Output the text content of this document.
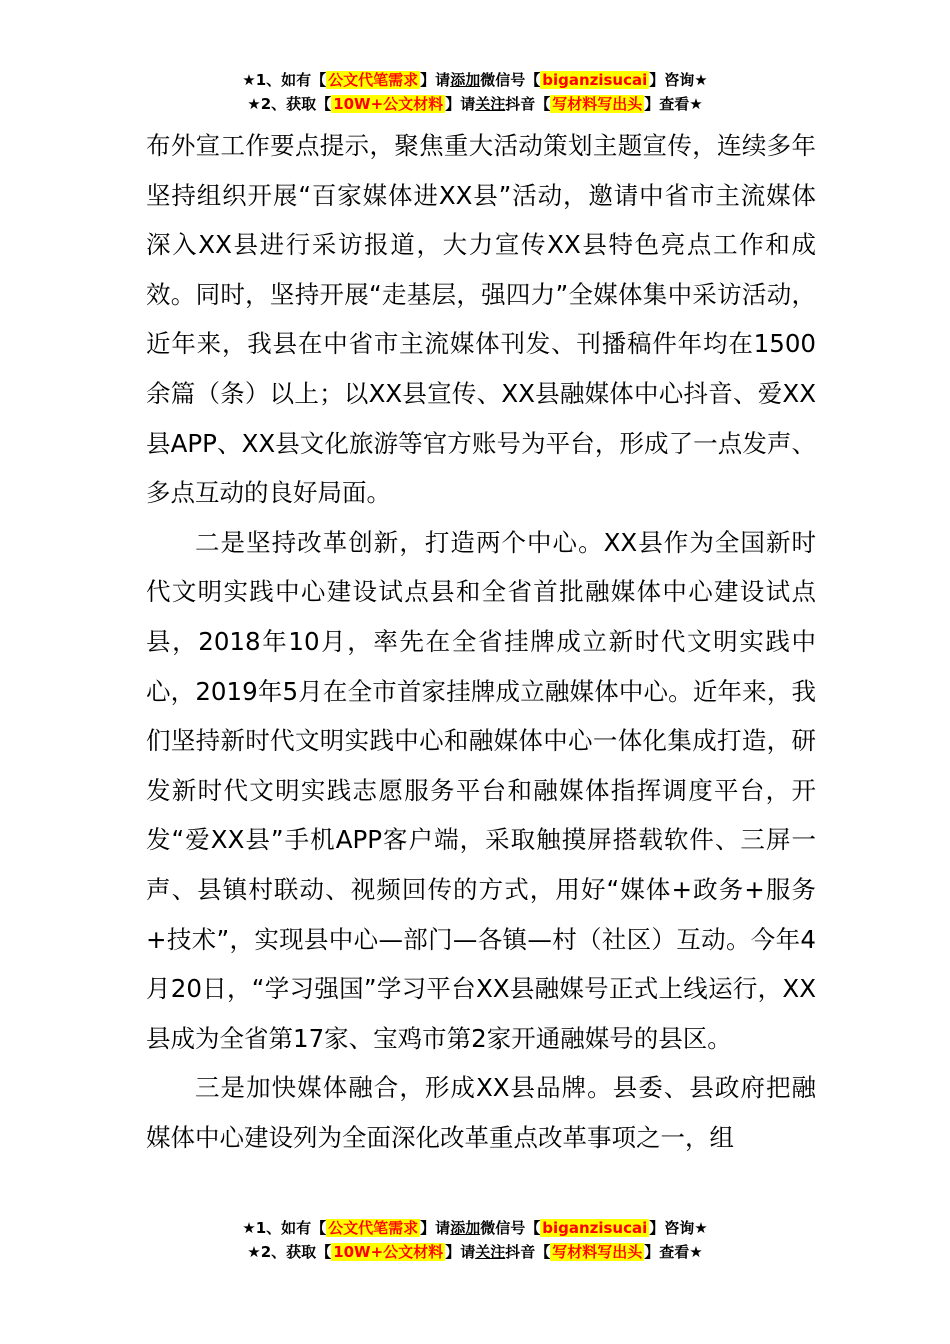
★1、如有【 公文代笔需求 】请添加微信号【 biganzisucai 】咨询★
★2、获取【 10W+公文材料 】请关注抖音【 写材料写出头 】查看★

布外宣工作要点提示，聚焦重大活动策划主题宣传，连续多年坚持组织开展“百家媒体进XX县”活动，邀请中省市主流媒体深入XX县进行采访报道，大力宣传XX县特色亮点工作和成效。同时，坚持开展“走基层，强四力”全媒体集中采访活动，近年来，我县在中省市主流媒体刊发、刊播稿件年均在1500余篇（条）以上；以XX县宣传、XX县融媒体中心抖音、爱XX县APP、XX县文化旅游等官方账号为平台，形成了一点发声、多点互动的良好局面。

二是坚持改革创新，打造两个中心。XX县作为全国新时代文明实践中心建设试点县和全省首批融媒体中心建设试点县，2018年10月，率先在全省挂牌成立新时代文明实践中心，2019年5月在全市首家挂牌成立融媒体中心。近年来，我们坚持新时代文明实践中心和融媒体中心一体化集成打造，研发新时代文明实践志愿服务平台和融媒体指挥调度平台，开发“爱XX县”手机APP客户端，采取触摸屏搭载软件、三屏一声、县镇村联动、视频回传的方式，用好“媒体+政务+服务+技术”，实现县中心—部门—各镇—村（社区）互动。今年4月20日，“学习强国”学习平台XX县融媒号正式上线运行，XX县成为全省第17家、宝鸡市第2家开通融媒号的县区。

三是加快媒体融合，形成XX县品牌。县委、县政府把融媒体中心建设列为全面深化改革重点改革事项之一，组

★1、如有【 公文代笔需求 】请添加微信号【 biganzisucai 】咨询★
★2、获取【 10W+公文材料 】请关注抖音【 写材料写出头 】查看★
